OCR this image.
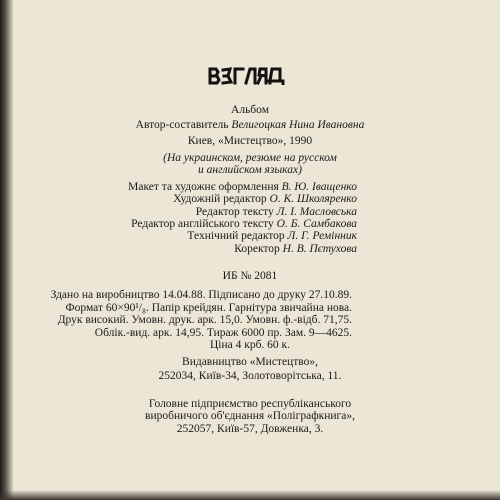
Альбом
Автор-составитель Велигоцкая Нина Ивановна
Киев, «Мистецтво», 1990
(На украинском, резюме на русском
и английском языках)
Макет та художнє оформлення В. Ю. Іващенко
Художній редактор О. К. Школяренко
Редактор тексту Л. І. Масловська
Редактор англійського тексту О. Б. Самбакова
Технічний редактор Л. Г. Ремінник
Коректор Н. В. Пєтухова
ИБ № 2081
Здано на виробництво 14.04.88. Підписано до друку 27.10.89.
Формат 60×90¹/₈. Папір крейдян. Гарнітура звичайна нова.
Друк високий. Умовн. друк. арк. 15,0. Умовн. ф.-відб. 71,75.
Облік.-вид. арк. 14,95. Тираж 6000 пр. Зам. 9—4625.
Ціна 4 крб. 60 к.
Видавництво «Мистецтво»,
252034, Київ-34, Золотоворітська, 11.
Головне підприємство республіканського
виробничого об'єднання «Поліграфкнига»,
252057, Київ-57, Довженка, 3.
